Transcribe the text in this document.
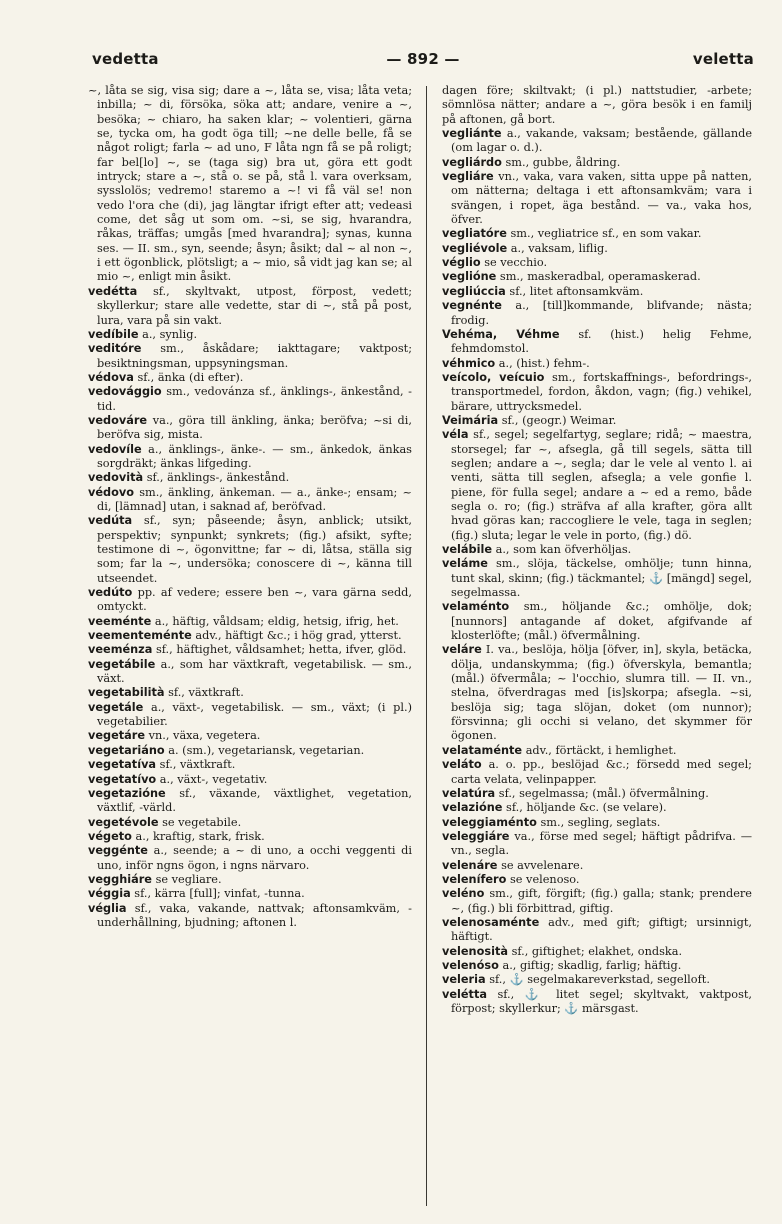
vedetta	— 892 —	veletta

~, låta se sig, visa sig; dare a ~, låta se, visa; låta veta; inbilla; ~ di, försöka, söka att; andare, venire a ~, besöka; ~ chiaro, ha saken klar; ~ volentieri, gärna se, tycka om, ha godt öga till; ~ne delle belle, få se något roligt; farla ~ ad uno, F låta ngn få se på roligt; far bel[lo] ~, se (taga sig) bra ut, göra ett godt intryck; stare a ~, stå o. se på, stå l. vara overksam, sysslolös; vedremo! staremo a ~! vi få väl se! non vedo l'ora che (di), jag längtar ifrigt efter att; vedeasi come, det såg ut som om. ~si, se sig, hvarandra, råkas, träffas; umgås [med hvarandra]; synas, kunna ses. — II. sm., syn, seende; åsyn; åsikt; dal ~ al non ~, i ett ögonblick, plötsligt; a ~ mio, så vidt jag kan se; al mio ~, enligt min åsikt.

vedétta sf., skyltvakt, utpost, förpost, vedett; skyllerkur; stare alle vedette, star di ~, stå på post, lura, vara på sin vakt.

vedíbile a., synlig.

veditóre sm., åskådare; iakttagare; vaktpost; besiktningsman, uppsyningsman.

védova sf., änka (di efter).

vedovággio sm., vedovánza sf., änklings-, änkestånd, -tid.

vedováre va., göra till änkling, änka; beröfva; ~si di, beröfva sig, mista.

vedovíle a., änklings-, änke-. — sm., änkedok, änkas sorgdräkt; änkas lifgeding.

vedovità sf., änklings-, änkestånd.

védovo sm., änkling, änkeman. — a., änke-; ensam; ~ di, [lämnad] utan, i saknad af, beröfvad.

vedúta sf., syn; påseende; åsyn, anblick; utsikt, perspektiv; synpunkt; synkrets; (fig.) afsikt, syfte; testimone di ~, ögonvittne; far ~ di, låtsa, ställa sig som; far la ~, undersöka; conoscere di ~, känna till utseendet.

vedúto pp. af vedere; essere ben ~, vara gärna sedd, omtyckt.

veeménte a., häftig, våldsam; eldig, hetsig, ifrig, het.

veementeménte adv., häftigt &c.; i hög grad, ytterst.

veeménza sf., häftighet, våldsamhet; hetta, ifver, glöd.

vegetábile a., som har växtkraft, vegetabilisk. — sm., växt.

vegetabilità sf., växtkraft.

vegetále a., växt-, vegetabilisk. — sm., växt; (i pl.) vegetabilier.

vegetáre vn., växa, vegetera.

vegetariáno a. (sm.), vegetariansk, vegetarian.

vegetatíva sf., växtkraft.

vegetatívo a., växt-, vegetativ.

vegetazióne sf., växande, växtlighet, vegetation, växtlif, -värld.

vegetévole se vegetabile.

végeto a., kraftig, stark, frisk.

veggénte a., seende; a ~ di uno, a occhi veggenti di uno, inför ngns ögon, i ngns närvaro.

vegghiáre se vegliare.

véggia sf., kärra [full]; vinfat, -tunna.

véglia sf., vaka, vakande, nattvak; aftonsamkväm, -underhållning, bjudning; aftonen l.

dagen före; skiltvakt; (i pl.) nattstudier, -arbete; sömnlösa nätter; andare a ~, göra besök i en familj på aftonen, gå bort.

vegliánte a., vakande, vaksam; bestående, gällande (om lagar o. d.).

vegliárdo sm., gubbe, åldring.

vegliáre vn., vaka, vara vaken, sitta uppe på natten, om nätterna; deltaga i ett aftonsamkväm; vara i svängen, i ropet, äga bestånd. — va., vaka hos, öfver.

vegliatóre sm., vegliatrice sf., en som vakar.

vegliévole a., vaksam, liflig.

véglio se vecchio.

veglióne sm., maskeradbal, operamaskerad.

vegliúccia sf., litet aftonsamkväm.

vegnénte a., [till]kommande, blifvande; nästa; frodig.

Vehéma, Véhme sf. (hist.) helig Fehme, fehmdomstol.

véhmico a., (hist.) fehm-.

veícolo, veícuio sm., fortskaffnings-, befordrings-, transportmedel, fordon, åkdon, vagn; (fig.) vehikel, bärare, uttrycksmedel.

Veimária sf., (geogr.) Weimar.

véla sf., segel; segelfartyg, seglare; ridå; ~ maestra, storsegel; far ~, afsegla, gå till segels, sätta till seglen; andare a ~, segla; dar le vele al vento l. ai venti, sätta till seglen, afsegla; a vele gonfie l. piene, för fulla segel; andare a ~ ed a remo, både segla o. ro; (fig.) sträfva af alla krafter, göra allt hvad göras kan; raccogliere le vele, taga in seglen; (fig.) sluta; legar le vele in porto, (fig.) dö.

velábile a., som kan öfverhöljas.

veláme sm., slöja, täckelse, omhölje; tunn hinna, tunt skal, skinn; (fig.) täckmantel; ⚓ [mängd] segel, segelmassa.

velaménto sm., höljande &c.; omhölje, dok; [nunnors] antagande af doket, afgifvande af klosterlöfte; (mål.) öfvermålning.

veláre I. va., beslöja, hölja [öfver, in], skyla, betäcka, dölja, undanskymma; (fig.) öfverskyla, bemantla; (mål.) öfvermåla; ~ l'occhio, slumra till. — II. vn., stelna, öfverdragas med [is]skorpa; afsegla. ~si, beslöja sig; taga slöjan, doket (om nunnor); försvinna; gli occhi si velano, det skymmer för ögonen.

velataménte adv., förtäckt, i hemlighet.

veláto a. o. pp., beslöjad &c.; försedd med segel; carta velata, velinpapper.

velatúra sf., segelmassa; (mål.) öfvermålning.

velazióne sf., höljande &c. (se velare).

veleggiaménto sm., segling, seglats.

veleggiáre va., förse med segel; häftigt pådrifva. — vn., segla.

velenáre se avvelenare.

velenífero se velenoso.

veléno sm., gift, förgift; (fig.) galla; stank; prendere ~, (fig.) bli förbittrad, giftig.

velenosaménte adv., med gift; giftigt; ursinnigt, häftigt.

velenosità sf., giftighet; elakhet, ondska.

velenóso a., giftig; skadlig, farlig; häftig.

veleria sf., ⚓ segelmakareverkstad, segelloft.

velétta sf., ⚓ litet segel; skyltvakt, vaktpost, förpost; skyllerkur; ⚓ märsgast.
